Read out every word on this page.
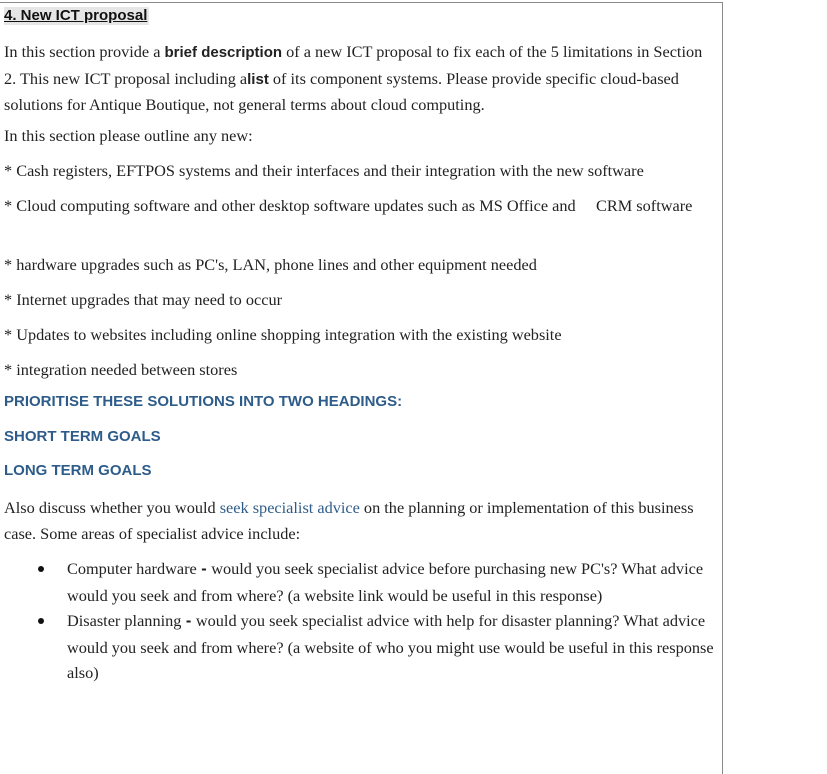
4. New ICT proposal

In this section provide a brief description of a new ICT proposal to fix each of the 5 limitations in Section 2. This new ICT proposal including alist of its component systems. Please provide specific cloud-based solutions for Antique Boutique, not general terms about cloud computing.

In this section please outline any new:

* Cash registers, EFTPOS systems and their interfaces and their integration with the new software

* Cloud computing software and other desktop software updates such as MS Office and     CRM software

* hardware upgrades such as PC's, LAN, phone lines and other equipment needed

* Internet upgrades that may need to occur

* Updates to websites including online shopping integration with the existing website

* integration needed between stores

PRIORITISE THESE SOLUTIONS INTO TWO HEADINGS:
SHORT TERM GOALS
LONG TERM GOALS

Also discuss whether you would seek specialist advice on the planning or implementation of this business case. Some areas of specialist advice include:

Computer hardware - would you seek specialist advice before purchasing new PC's? What advice would you seek and from where? (a website link would be useful in this response)
Disaster planning - would you seek specialist advice with help for disaster planning? What advice would you seek and from where? (a website of who you might use would be useful in this response also)
